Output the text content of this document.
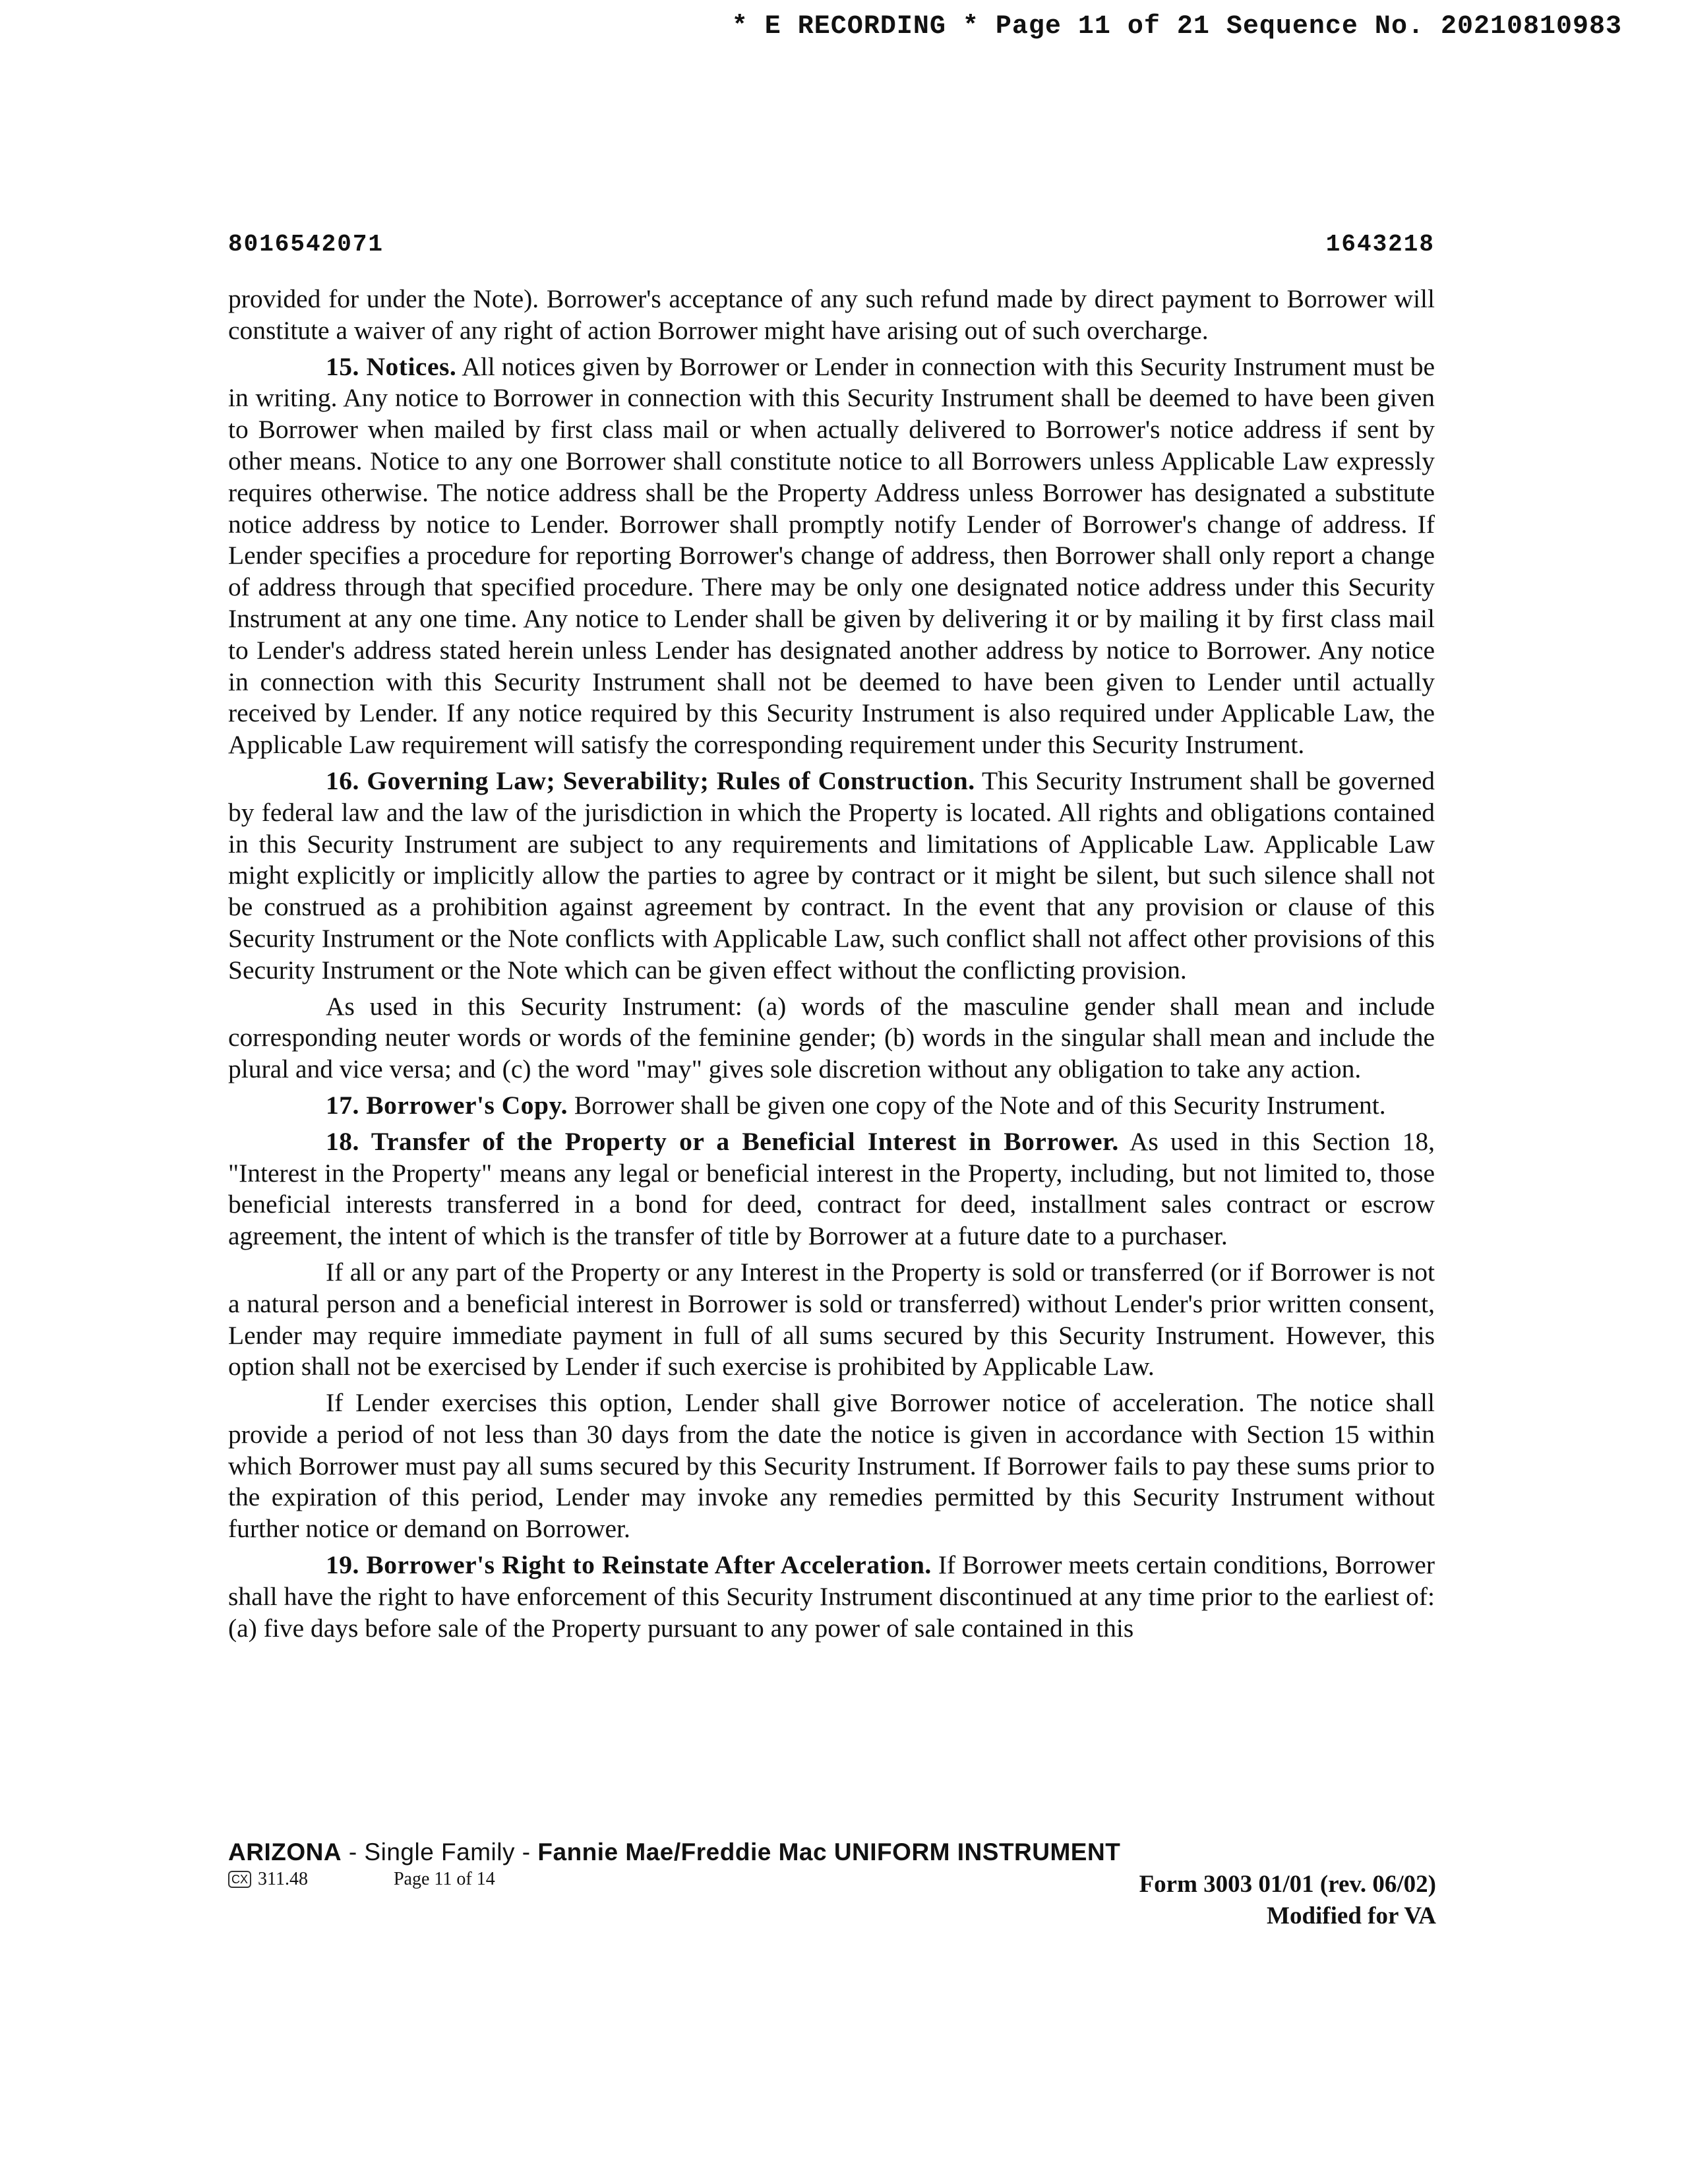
* E RECORDING * Page 11 of 21 Sequence No. 20210810983
8016542071	1643218

provided for under the Note). Borrower's acceptance of any such refund made by direct payment to Borrower will constitute a waiver of any right of action Borrower might have arising out of such overcharge.

15. Notices. All notices given by Borrower or Lender in connection with this Security Instrument must be in writing. Any notice to Borrower in connection with this Security Instrument shall be deemed to have been given to Borrower when mailed by first class mail or when actually delivered to Borrower's notice address if sent by other means. Notice to any one Borrower shall constitute notice to all Borrowers unless Applicable Law expressly requires otherwise. The notice address shall be the Property Address unless Borrower has designated a substitute notice address by notice to Lender. Borrower shall promptly notify Lender of Borrower's change of address. If Lender specifies a procedure for reporting Borrower's change of address, then Borrower shall only report a change of address through that specified procedure. There may be only one designated notice address under this Security Instrument at any one time. Any notice to Lender shall be given by delivering it or by mailing it by first class mail to Lender's address stated herein unless Lender has designated another address by notice to Borrower. Any notice in connection with this Security Instrument shall not be deemed to have been given to Lender until actually received by Lender. If any notice required by this Security Instrument is also required under Applicable Law, the Applicable Law requirement will satisfy the corresponding requirement under this Security Instrument.

16. Governing Law; Severability; Rules of Construction. This Security Instrument shall be governed by federal law and the law of the jurisdiction in which the Property is located. All rights and obligations contained in this Security Instrument are subject to any requirements and limitations of Applicable Law. Applicable Law might explicitly or implicitly allow the parties to agree by contract or it might be silent, but such silence shall not be construed as a prohibition against agreement by contract. In the event that any provision or clause of this Security Instrument or the Note conflicts with Applicable Law, such conflict shall not affect other provisions of this Security Instrument or the Note which can be given effect without the conflicting provision.

As used in this Security Instrument: (a) words of the masculine gender shall mean and include corresponding neuter words or words of the feminine gender; (b) words in the singular shall mean and include the plural and vice versa; and (c) the word "may" gives sole discretion without any obligation to take any action.

17. Borrower's Copy. Borrower shall be given one copy of the Note and of this Security Instrument.

18. Transfer of the Property or a Beneficial Interest in Borrower. As used in this Section 18, "Interest in the Property" means any legal or beneficial interest in the Property, including, but not limited to, those beneficial interests transferred in a bond for deed, contract for deed, installment sales contract or escrow agreement, the intent of which is the transfer of title by Borrower at a future date to a purchaser.

If all or any part of the Property or any Interest in the Property is sold or transferred (or if Borrower is not a natural person and a beneficial interest in Borrower is sold or transferred) without Lender's prior written consent, Lender may require immediate payment in full of all sums secured by this Security Instrument. However, this option shall not be exercised by Lender if such exercise is prohibited by Applicable Law.

If Lender exercises this option, Lender shall give Borrower notice of acceleration. The notice shall provide a period of not less than 30 days from the date the notice is given in accordance with Section 15 within which Borrower must pay all sums secured by this Security Instrument. If Borrower fails to pay these sums prior to the expiration of this period, Lender may invoke any remedies permitted by this Security Instrument without further notice or demand on Borrower.

19. Borrower's Right to Reinstate After Acceleration. If Borrower meets certain conditions, Borrower shall have the right to have enforcement of this Security Instrument discontinued at any time prior to the earliest of: (a) five days before sale of the Property pursuant to any power of sale contained in this

ARIZONA - Single Family - Fannie Mae/Freddie Mac UNIFORM INSTRUMENT
CX 311.48	Page 11 of 14	Form 3003 01/01 (rev. 06/02)
Modified for VA
